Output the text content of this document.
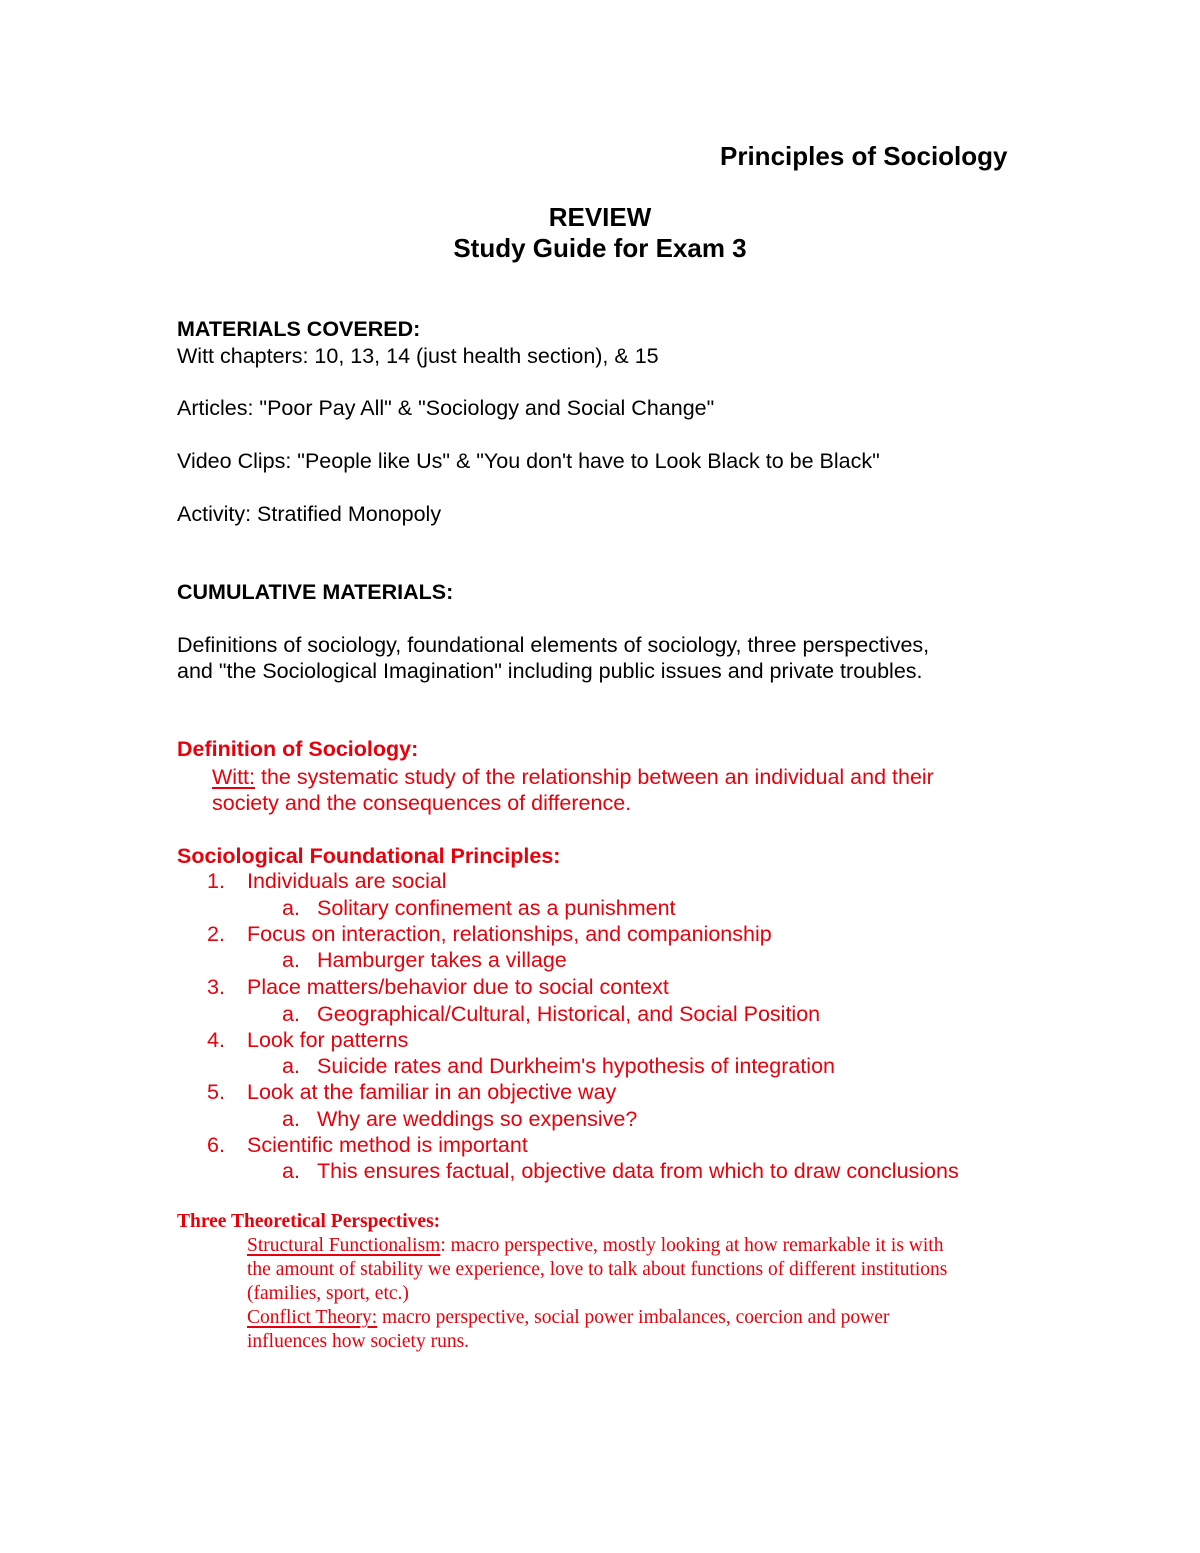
Principles of Sociology
REVIEW
Study Guide for Exam 3
MATERIALS COVERED:
Witt chapters: 10, 13, 14 (just health section), & 15
Articles: "Poor Pay All" & "Sociology and Social Change"
Video Clips: "People like Us" & "You don't have to Look Black to be Black"
Activity: Stratified Monopoly
CUMULATIVE MATERIALS:
Definitions of sociology, foundational elements of sociology, three perspectives,
and "the Sociological Imagination" including public issues and private troubles.
Definition of Sociology:
Witt: the systematic study of the relationship between an individual and their
society and the consequences of difference.
Sociological Foundational Principles:
1. Individuals are social
a. Solitary confinement as a punishment
2. Focus on interaction, relationships, and companionship
a. Hamburger takes a village
3. Place matters/behavior due to social context
a. Geographical/Cultural, Historical, and Social Position
4. Look for patterns
a. Suicide rates and Durkheim's hypothesis of integration
5. Look at the familiar in an objective way
a. Why are weddings so expensive?
6. Scientific method is important
a. This ensures factual, objective data from which to draw conclusions
Three Theoretical Perspectives:
Structural Functionalism: macro perspective, mostly looking at how remarkable it is with
the amount of stability we experience, love to talk about functions of different institutions
(families, sport, etc.)
Conflict Theory: macro perspective, social power imbalances, coercion and power
influences how society runs.
